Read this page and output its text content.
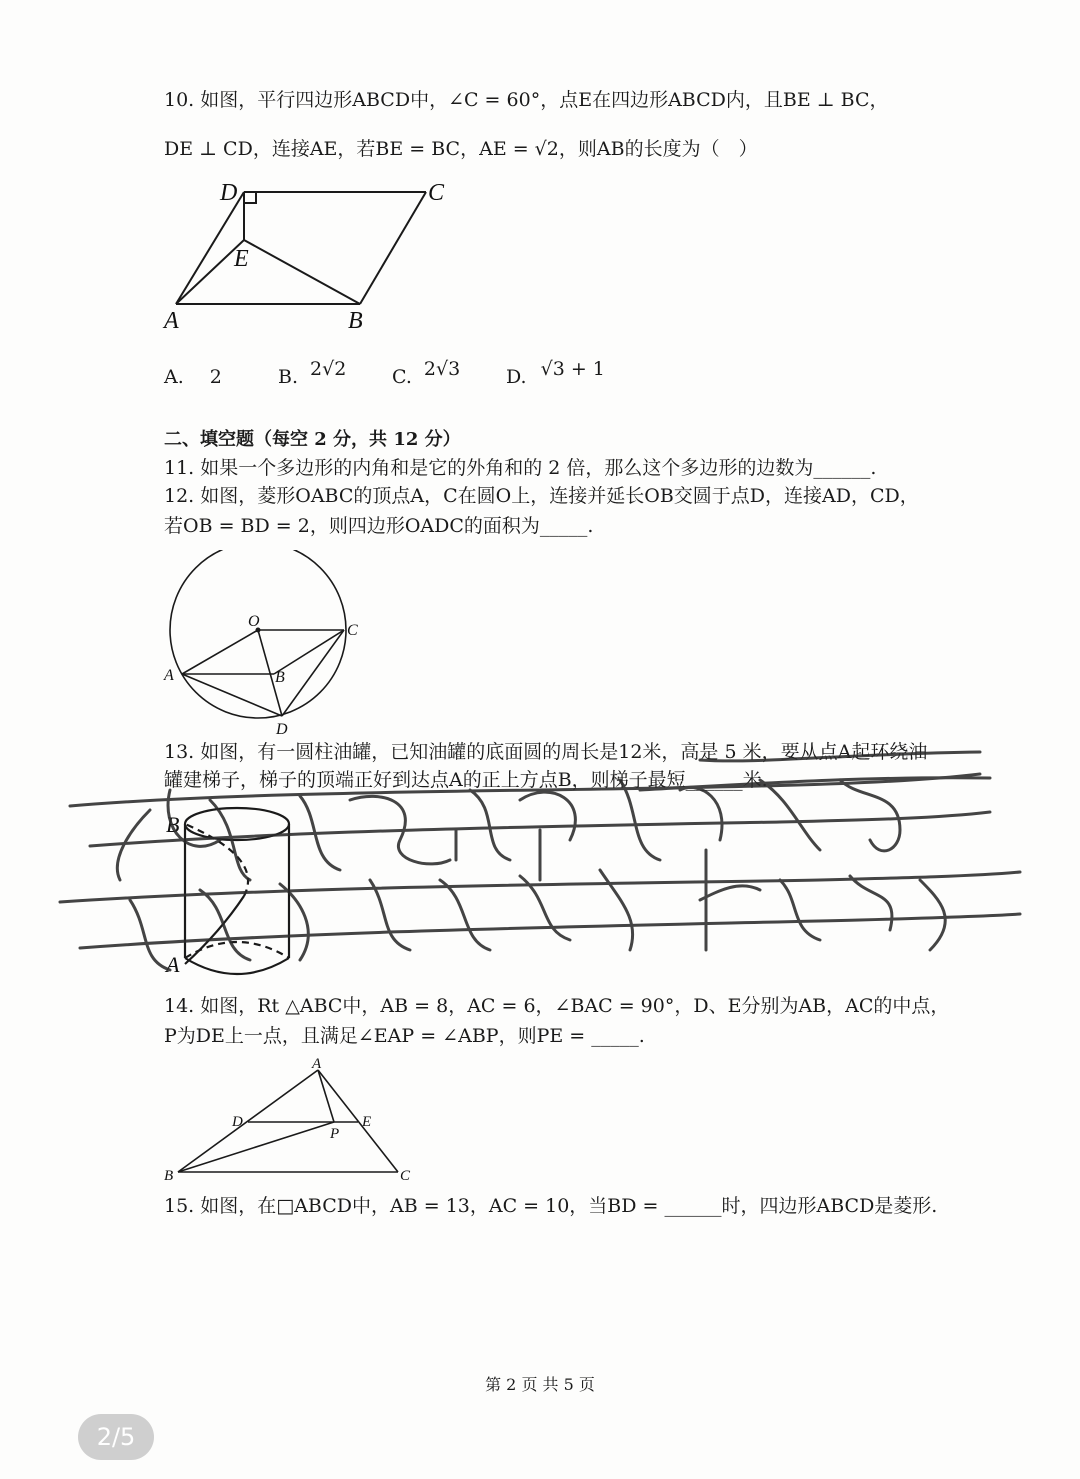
10. 如图，平行四边形ABCD中，∠C = 60°，点E在四边形ABCD内，且BE ⊥ BC，
DE ⊥ CD，连接AE，若BE = BC，AE = √2，则AB的长度为（　）
D	C
E
A	B
A. 2	B. 2√2 C. 2√3 D. √3 + 1
二、填空题（每空 2 分，共 12 分）
11. 如果一个多边形的内角和是它的外角和的 2 倍，那么这个多边形的边数为______.
12. 如图，菱形OABC的顶点A，C在圆O上，连接并延长OB交圆于点D，连接AD，CD，
若OB = BD = 2，则四边形OADC的面积为_____.
O
C
A	B
D
13. 如图，有一圆柱油罐，已知油罐的底面圆的周长是12米，高是 5 米，要从点A起环绕油
罐建梯子，梯子的顶端正好到达点A的正上方点B，则梯子最短______米.
B
A
14. 如图，Rt △ABC中，AB = 8，AC = 6，∠BAC = 90°，D、E分别为AB，AC的中点，
P为DE上一点，且满足∠EAP = ∠ABP，则PE = _____.
A
D	E
P
B	C
15. 如图，在□ABCD中，AB = 13，AC = 10，当BD = ______时，四边形ABCD是菱形.
第 2 页 共 5 页
2/5
